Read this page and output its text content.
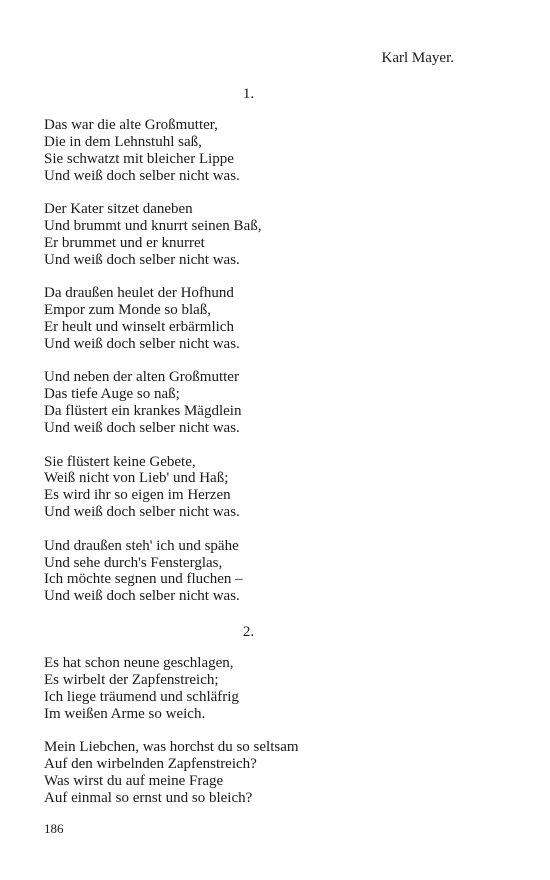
Karl Mayer.
1.
Das war die alte Großmutter,
Die in dem Lehnstuhl saß,
Sie schwatzt mit bleicher Lippe
Und weiß doch selber nicht was.
Der Kater sitzet daneben
Und brummt und knurrt seinen Baß,
Er brummet und er knurret
Und weiß doch selber nicht was.
Da draußen heulet der Hofhund
Empor zum Monde so blaß,
Er heult und winselt erbärmlich
Und weiß doch selber nicht was.
Und neben der alten Großmutter
Das tiefe Auge so naß;
Da flüstert ein krankes Mägdlein
Und weiß doch selber nicht was.
Sie flüstert keine Gebete,
Weiß nicht von Lieb' und Haß;
Es wird ihr so eigen im Herzen
Und weiß doch selber nicht was.
Und draußen steh' ich und spähe
Und sehe durch's Fensterglas,
Ich möchte segnen und fluchen –
Und weiß doch selber nicht was.
2.
Es hat schon neune geschlagen,
Es wirbelt der Zapfenstreich;
Ich liege träumend und schläfrig
Im weißen Arme so weich.
Mein Liebchen, was horchst du so seltsam
Auf den wirbelnden Zapfenstreich?
Was wirst du auf meine Frage
Auf einmal so ernst und so bleich?
186
